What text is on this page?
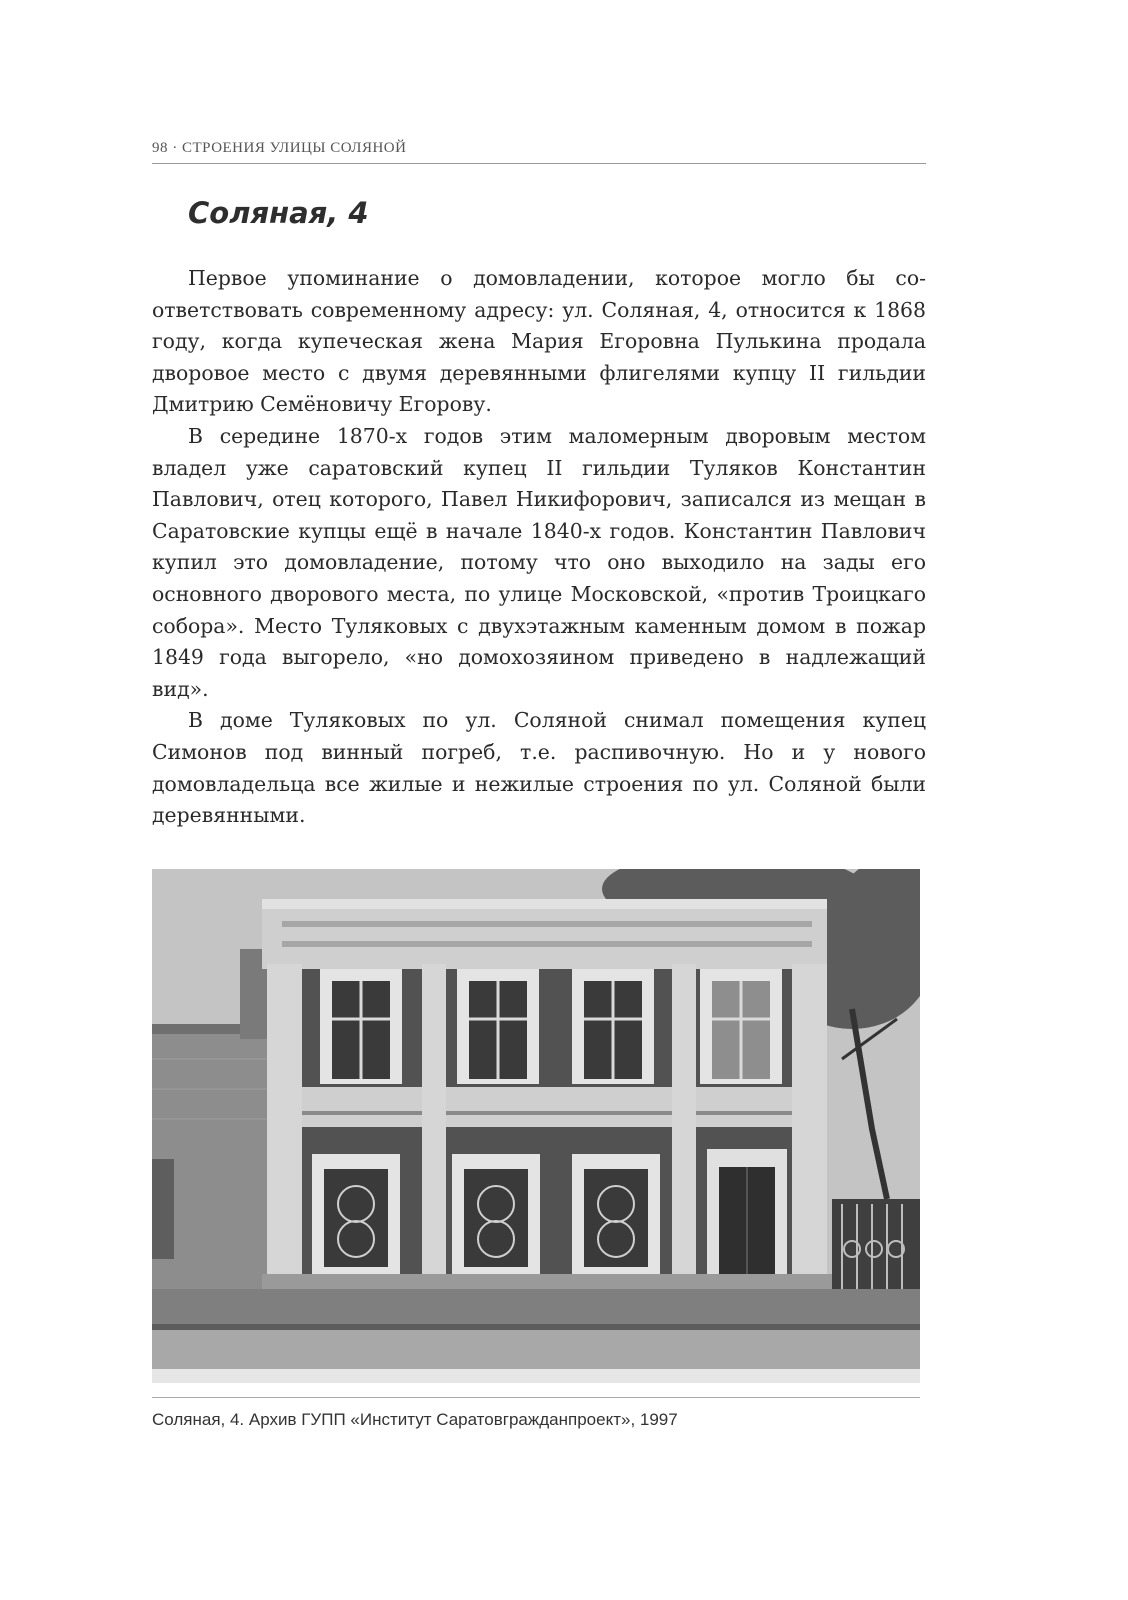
98 · СТРОЕНИЯ УЛИЦЫ СОЛЯНОЙ
Соляная, 4

Первое упоминание о домовладении, которое могло бы соответствовать современному адресу: ул. Соляная, 4, относится к 1868 году, когда купеческая жена Мария Егоровна Пулькина продала дворовое место с двумя деревянными флигелями купцу II гильдии Дмитрию Семёновичу Егорову.

В середине 1870-х годов этим маломерным дворовым местом владел уже саратовский купец II гильдии Туляков Константин Павлович, отец которого, Павел Никифорович, записался из мещан в Саратовские купцы ещё в начале 1840-х годов. Константин Павлович купил это домовладение, потому что оно выходило на зады его основного дворового места, по улице Московской, «против Троицкаго собора». Место Туляковых с двухэтажным каменным домом в пожар 1849 года выгорело, «но домохозяином приведено в надлежащий вид».

В доме Туляковых по ул. Соляной снимал помещения купец Симонов под винный погреб, т.е. распивочную. Но и у нового домовладельца все жилые и нежилые строения по ул. Соляной были деревянными.

Соляная, 4. Архив ГУПП «Институт Саратовгражданпроект», 1997
